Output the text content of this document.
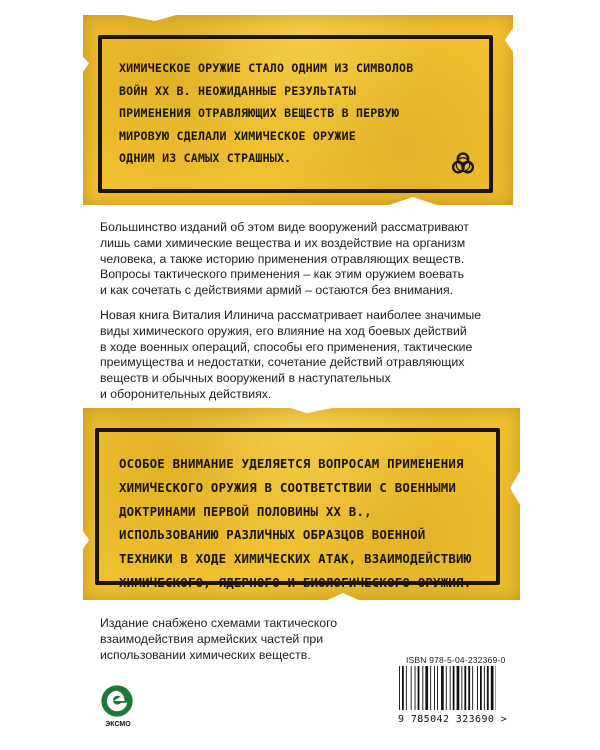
ХИМИЧЕСКОЕ ОРУЖИЕ СТАЛО ОДНИМ ИЗ СИМВОЛОВ
ВОЙН XX В. НЕОЖИДАННЫЕ РЕЗУЛЬТАТЫ
ПРИМЕНЕНИЯ ОТРАВЛЯЮЩИХ ВЕЩЕСТВ В ПЕРВУЮ
МИРОВУЮ СДЕЛАЛИ ХИМИЧЕСКОЕ ОРУЖИЕ
ОДНИМ ИЗ САМЫХ СТРАШНЫХ.

Большинство изданий об этом виде вооружений рассматривают
лишь сами химические вещества и их воздействие на организм
человека, а также историю применения отравляющих веществ.
Вопросы тактического применения – как этим оружием воевать
и как сочетать с действиями армий – остаются без внимания.

Новая книга Виталия Илинича рассматривает наиболее значимые
виды химического оружия, его влияние на ход боевых действий
в ходе военных операций, способы его применения, тактические
преимущества и недостатки, сочетание действий отравляющих
веществ и обычных вооружений в наступательных
и оборонительных действиях.

ОСОБОЕ ВНИМАНИЕ УДЕЛЯЕТСЯ ВОПРОСАМ ПРИМЕНЕНИЯ
ХИМИЧЕСКОГО ОРУЖИЯ В СООТВЕТСТВИИ С ВОЕННЫМИ
ДОКТРИНАМИ ПЕРВОЙ ПОЛОВИНЫ XX В.,
ИСПОЛЬЗОВАНИЮ РАЗЛИЧНЫХ ОБРАЗЦОВ ВОЕННОЙ
ТЕХНИКИ В ХОДЕ ХИМИЧЕСКИХ АТАК, ВЗАИМОДЕЙСТВИЮ
ХИМИЧЕСКОГО, ЯДЕРНОГО И БИОЛОГИЧЕСКОГО ОРУЖИЯ.

Издание снабжено схемами тактического
взаимодействия армейских частей при
использовании химических веществ.

ЭКСМО
ISBN 978-5-04-232369-0
9 785042 323690 >
